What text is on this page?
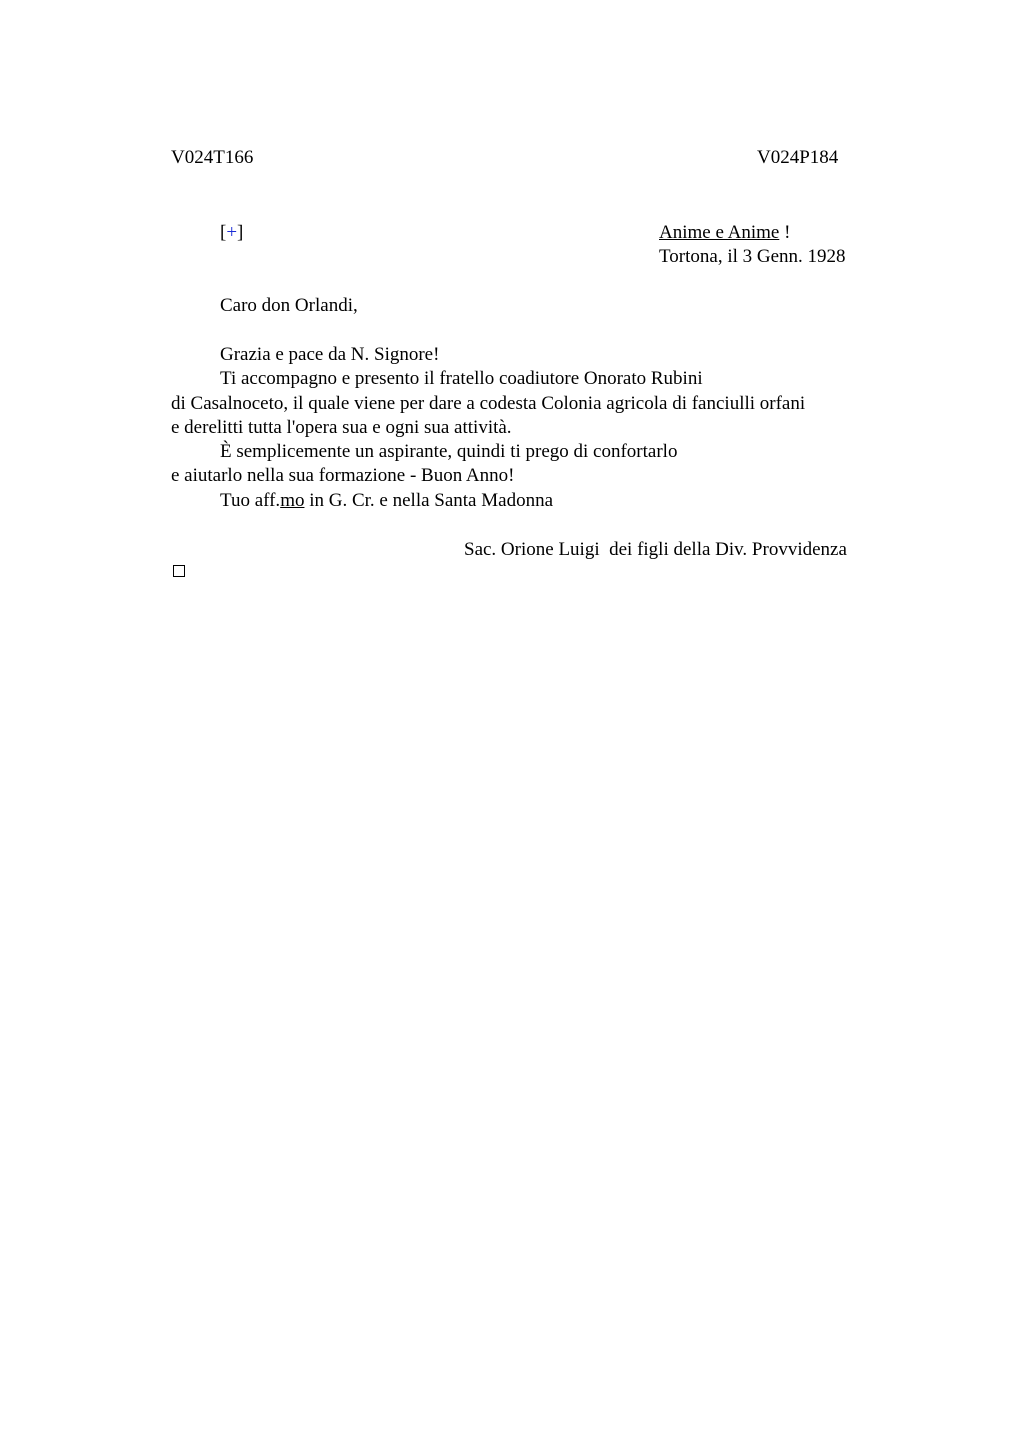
V024T166	V024P184
[+]	Anime e Anime !
Tortona, il 3 Genn. 1928
Caro don Orlandi,
Grazia e pace da N. Signore!
Ti accompagno e presento il fratello coadiutore Onorato Rubini
di Casalnoceto, il quale viene per dare a codesta Colonia agricola di fanciulli orfani
e derelitti tutta l'opera sua e ogni sua attività.
È semplicemente un aspirante, quindi ti prego di confortarlo
e aiutarlo nella sua formazione - Buon Anno!
Tuo aff.mo in G. Cr. e nella Santa Madonna
Sac. Orione Luigi  dei figli della Div. Provvidenza
